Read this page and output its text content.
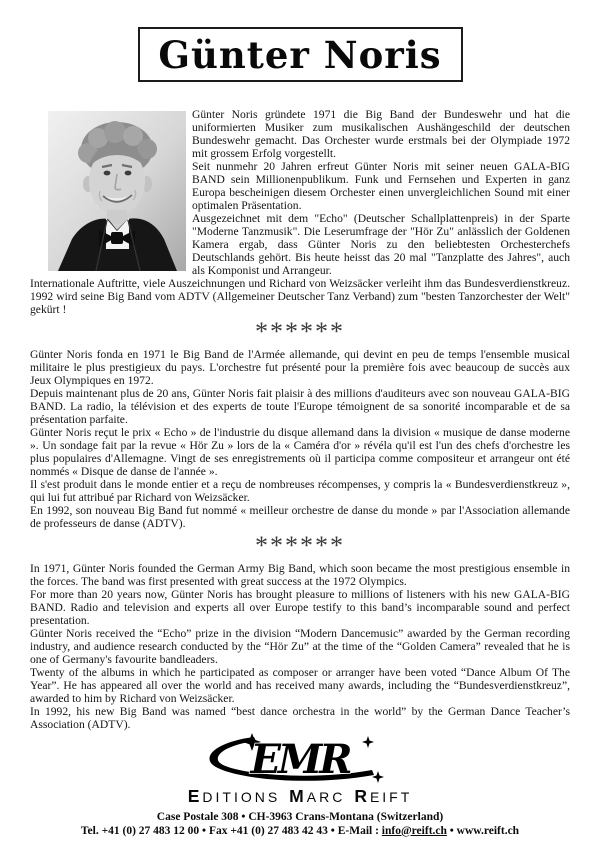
Günter Noris

Günter Noris gründete 1971 die Big Band der Bundeswehr und hat die uniformierten Musiker zum musikalischen Aushängeschild der deutschen Bundeswehr gemacht. Das Orchester wurde erstmals bei der Olympiade 1972 mit grossem Erfolg vorgestellt.

Seit nunmehr 20 Jahren erfreut Günter Noris mit seiner neuen GALA-BIG BAND sein Millionenpublikum. Funk und Fernsehen und Experten in ganz Europa bescheinigen diesem Orchester einen unvergleichlichen Sound mit einer optimalen Präsentation.

Ausgezeichnet mit dem "Echo" (Deutscher Schallplattenpreis) in der Sparte "Moderne Tanzmusik". Die Leserumfrage der "Hör Zu" anlässlich der Goldenen Kamera ergab, dass Günter Noris zu den beliebtesten Orchesterchefs Deutschlands gehört. Bis heute heisst das 20 mal "Tanzplatte des Jahres", auch als Komponist und Arrangeur.

Internationale Auftritte, viele Auszeichnungen und Richard von Weizsäcker verleiht ihm das Bundesverdienstkreuz. 1992 wird seine Big Band vom ADTV (Allgemeiner Deutscher Tanz Verband) zum "besten Tanzorchester der Welt" gekürt !

******

Günter Noris fonda en 1971 le Big Band de l'Armée allemande, qui devint en peu de temps l'ensemble musical militaire le plus prestigieux du pays. L'orchestre fut présenté pour la première fois avec beaucoup de succès aux Jeux Olympiques en 1972.

Depuis maintenant plus de 20 ans, Günter Noris fait plaisir à des millions d'auditeurs avec son nouveau GALA-BIG BAND. La radio, la télévision et des experts de toute l'Europe témoignent de sa sonorité incomparable et de sa présentation parfaite.

Günter Noris reçut le prix « Echo » de l'industrie du disque allemand dans la division « musique de danse moderne ». Un sondage fait par la revue « Hör Zu » lors de la « Caméra d'or » révéla qu'il est l'un des chefs d'orchestre les plus populaires d'Allemagne. Vingt de ses enregistrements où il participa comme compositeur et arrangeur ont été nommés « Disque de danse de l'année ».

Il s'est produit dans le monde entier et a reçu de nombreuses récompenses, y compris la « Bundesverdienstkreuz », qui lui fut attribué par Richard von Weizsäcker.

En 1992, son nouveau Big Band fut nommé « meilleur orchestre de danse du monde » par l'Association allemande de professeurs de danse (ADTV).

******

In 1971, Günter Noris founded the German Army Big Band, which soon became the most prestigious ensemble in the forces. The band was first presented with great success at the 1972 Olympics.

For more than 20 years now, Günter Noris has brought pleasure to millions of listeners with his new GALA-BIG BAND. Radio and television and experts all over Europe testify to this band’s incomparable sound and perfect presentation.

Günter Noris received the “Echo” prize in the division “Modern Dancemusic” awarded by the German recording industry, and audience research conducted by the “Hör Zu” at the time of the “Golden Camera” revealed that he is one of Germany's favourite bandleaders.

Twenty of the albums in which he participated as composer or arranger have been voted “Dance Album Of The Year”. He has appeared all over the world and has received many awards, including the “Bundesverdienstkreuz”, awarded to him by Richard von Weizsäcker.

In 1992, his new Big Band was named “best dance orchestra in the world” by the German Dance Teacher’s Association (ADTV).

EMR
EDITIONS MARC REIFT
Case Postale 308 • CH-3963 Crans-Montana (Switzerland)
Tel. +41 (0) 27 483 12 00 • Fax +41 (0) 27 483 42 43 • E-Mail : info@reift.ch • www.reift.ch
